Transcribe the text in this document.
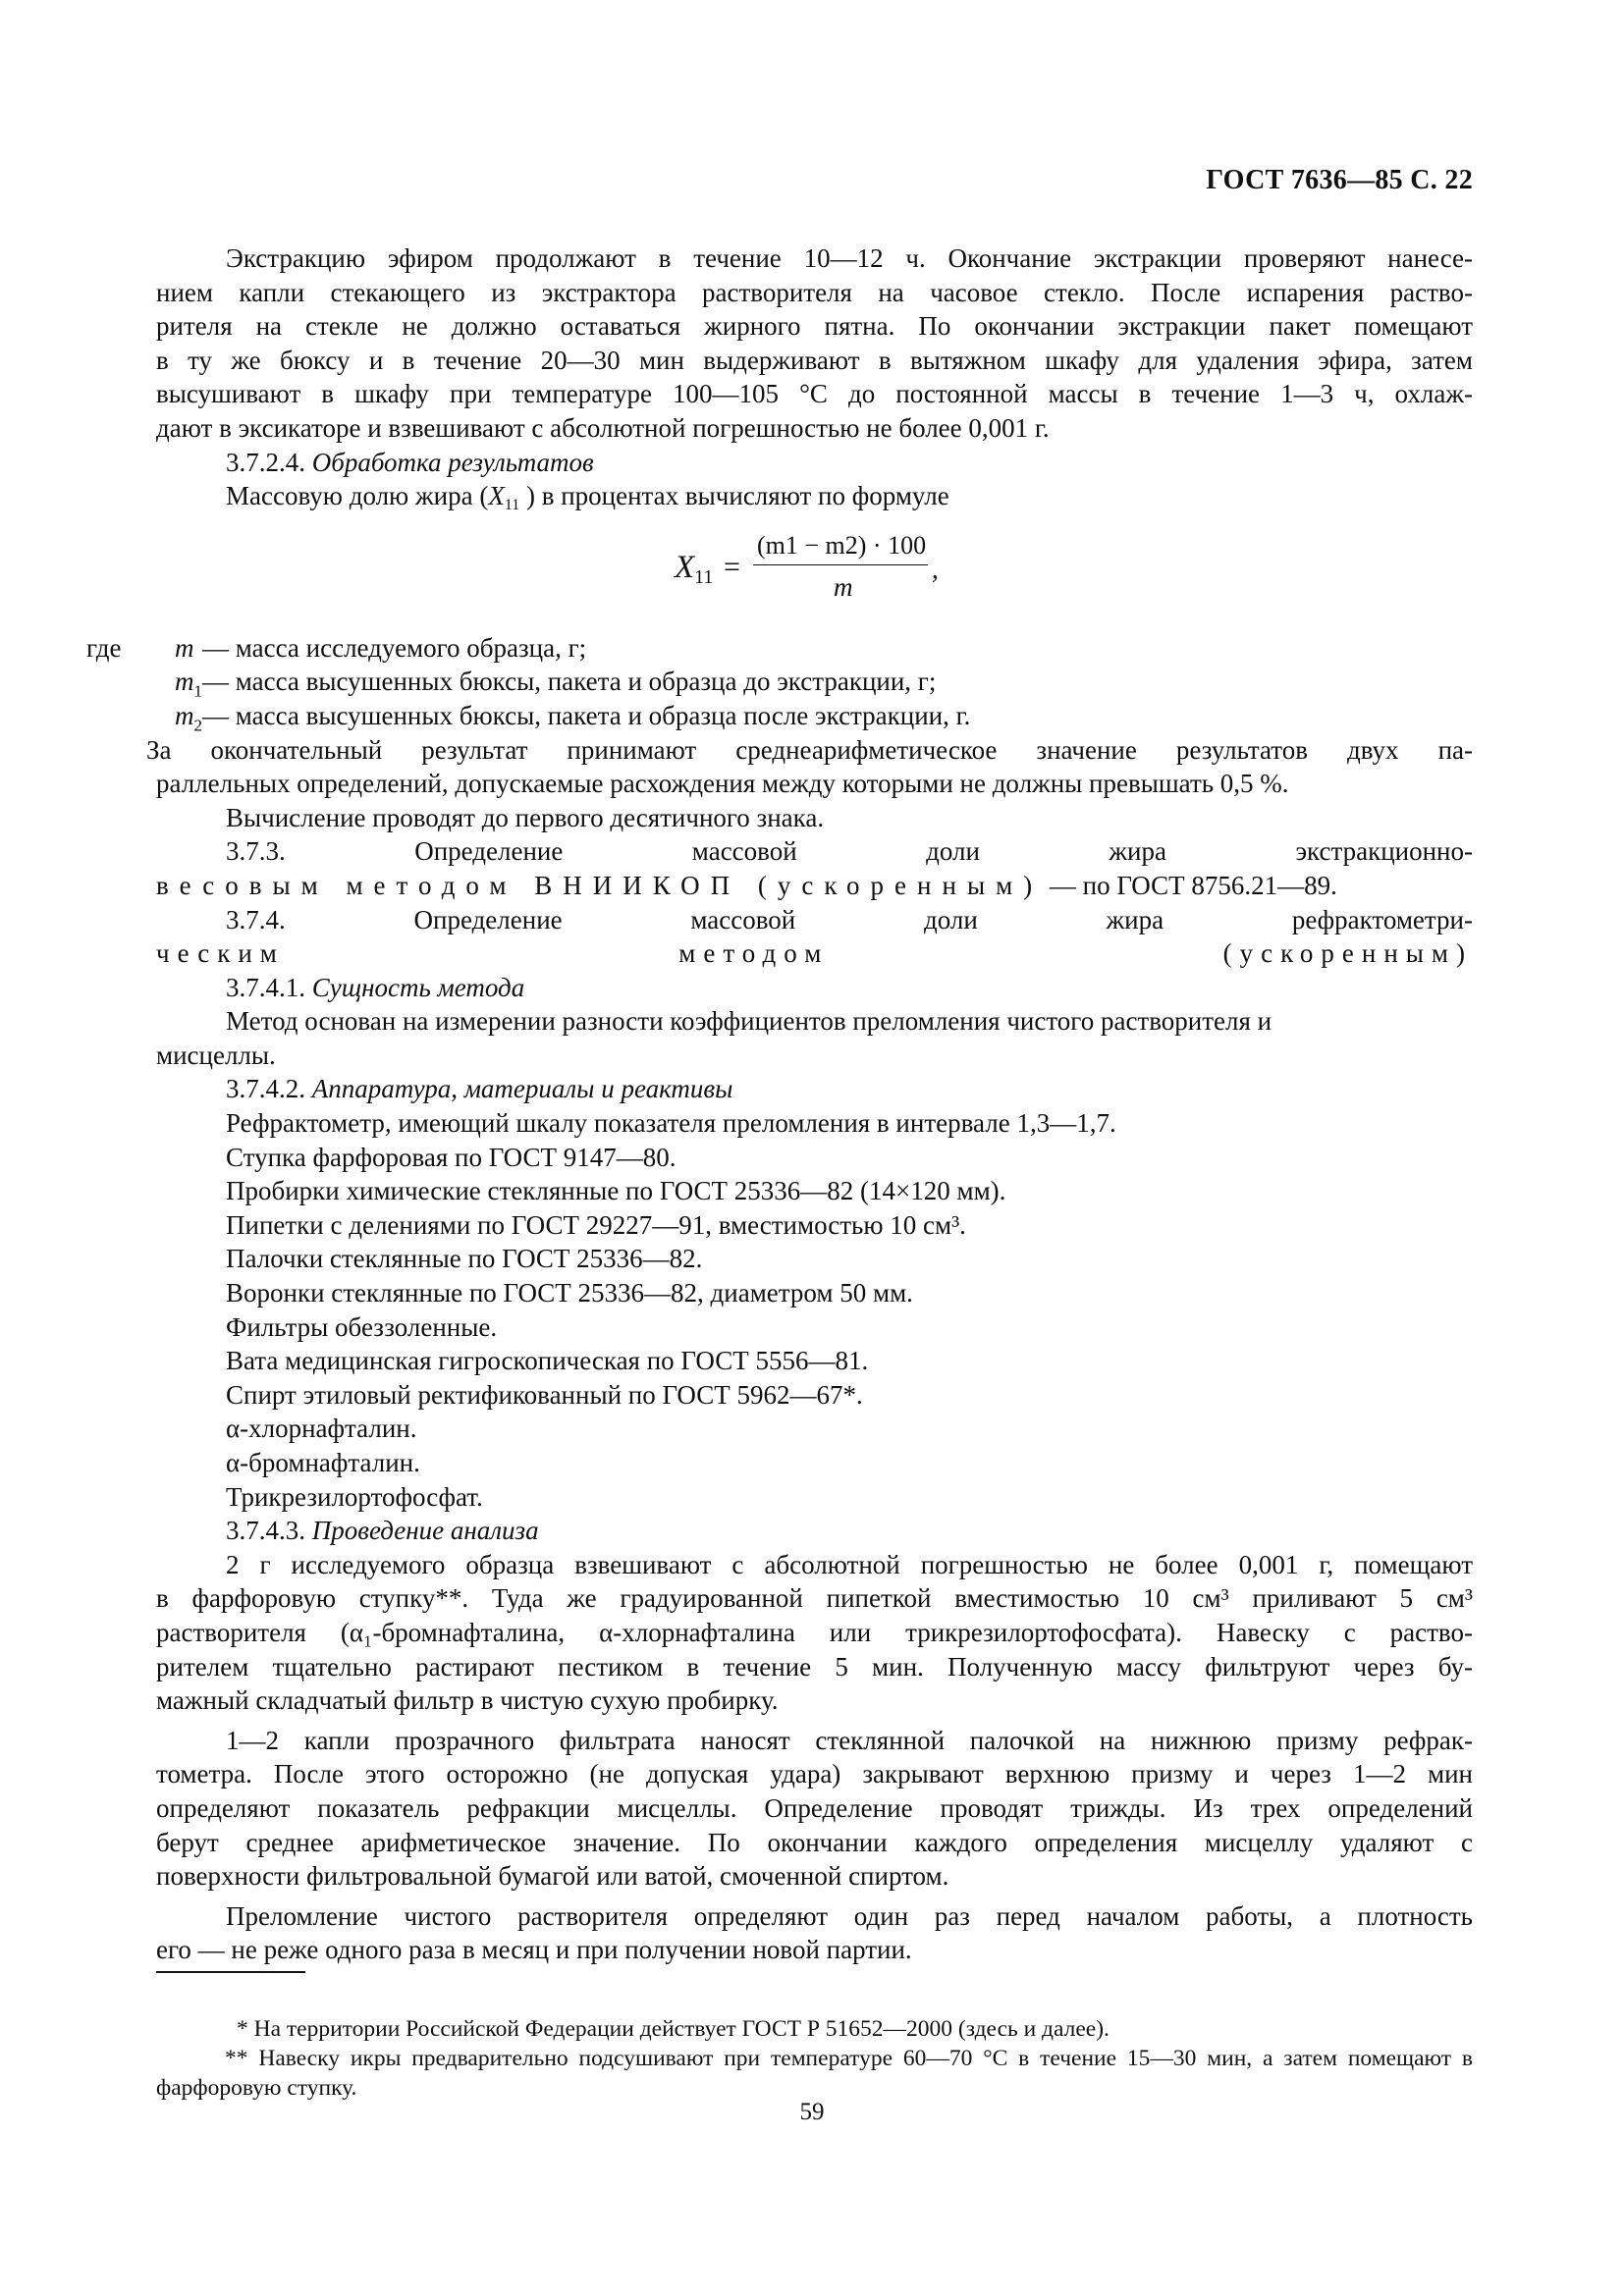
ГОСТ 7636—85 С. 22

Экстракцию эфиром продолжают в течение 10—12 ч. Окончание экстракции проверяют нанесе-

нием капли стекающего из экстрактора растворителя на часовое стекло. После испарения раство-

рителя на стекле не должно оставаться жирного пятна. По окончании экстракции пакет помещают

в ту же бюксу и в течение 20—30 мин выдерживают в вытяжном шкафу для удаления эфира, затем

высушивают в шкафу при температуре 100—105 °С до постоянной массы в течение 1—3 ч, охлаж-

дают в эксикаторе и взвешивают с абсолютной погрешностью не более 0,001 г.

3.7.2.4. Обработка результатов

Массовую долю жира ($X_{11}$ ) в процентах вычисляют по формуле

$X_{11}$ =
(m1 − m2) · 100
m
,
где m — масса исследуемого образца, г;
$m_1$ — масса высушенных бюксы, пакета и образца до экстракции, г;
$m_2$ — масса высушенных бюксы, пакета и образца после экстракции, г.

За окончательный результат принимают среднеарифметическое значение результатов двух па-

раллельных определений, допускаемые расхождения между которыми не должны превышать 0,5 %.

Вычисление проводят до первого десятичного знака.

3.7.3. Определение массовой доли жира экстракционно-

весовым методом ВНИИКОП (ускоренным) — по ГОСТ 8756.21—89.

3.7.4. Определение массовой доли жира рефрактометри-

ческим методом (ускоренным)

3.7.4.1. Сущность метода

Метод основан на измерении разности коэффициентов преломления чистого растворителя и

мисцеллы.

3.7.4.2. Аппаратура, материалы и реактивы

Рефрактометр, имеющий шкалу показателя преломления в интервале 1,3—1,7.

Ступка фарфоровая по ГОСТ 9147—80.

Пробирки химические стеклянные по ГОСТ 25336—82 (14×120 мм).

Пипетки с делениями по ГОСТ 29227—91, вместимостью 10 см³.

Палочки стеклянные по ГОСТ 25336—82.

Воронки стеклянные по ГОСТ 25336—82, диаметром 50 мм.

Фильтры обеззоленные.

Вата медицинская гигроскопическая по ГОСТ 5556—81.

Спирт этиловый ректификованный по ГОСТ 5962—67*.

α-хлорнафталин.

α-бромнафталин.

Трикрезилортофосфат.

3.7.4.3. Проведение анализа

2 г исследуемого образца взвешивают с абсолютной погрешностью не более 0,001 г, помещают

в фарфоровую ступку**. Туда же градуированной пипеткой вместимостью 10 см³ приливают 5 см³

растворителя (α₁-бромнафталина, α-хлорнафталина или трикрезилортофосфата). Навеску с раство-

рителем тщательно растирают пестиком в течение 5 мин. Полученную массу фильтруют через бу-

мажный складчатый фильтр в чистую сухую пробирку.

1—2 капли прозрачного фильтрата наносят стеклянной палочкой на нижнюю призму рефрак-

тометра. После этого осторожно (не допуская удара) закрывают верхнюю призму и через 1—2 мин

определяют показатель рефракции мисцеллы. Определение проводят трижды. Из трех определений

берут среднее арифметическое значение. По окончании каждого определения мисцеллу удаляют с

поверхности фильтровальной бумагой или ватой, смоченной спиртом.

Преломление чистого растворителя определяют один раз перед началом работы, а плотность

его — не реже одного раза в месяц и при получении новой партии.

* На территории Российской Федерации действует ГОСТ Р 51652—2000 (здесь и далее).

** Навеску икры предварительно подсушивают при температуре 60—70 °С в течение 15—30 мин, а затем помещают в фарфоровую ступку.

59
